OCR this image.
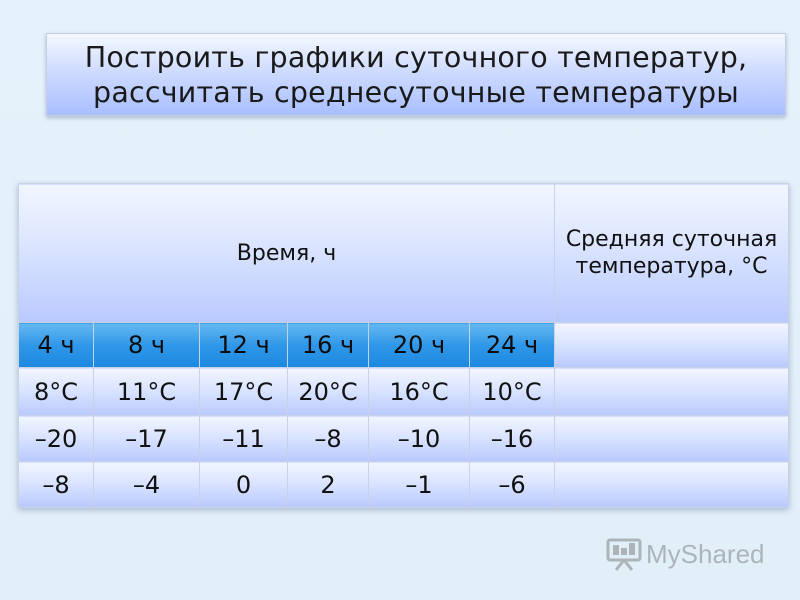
Построить графики суточного температур,
рассчитать среднесуточные температуры
Время, ч						Средняя суточная температура, °С
4 ч	8 ч	12 ч	16 ч	20 ч	24 ч	
8°С	11°С	17°С	20°С	16°С	10°С	
–20	–17	–11	–8	–10	–16	
–8	–4	0	2	–1	–6	
MyShared
